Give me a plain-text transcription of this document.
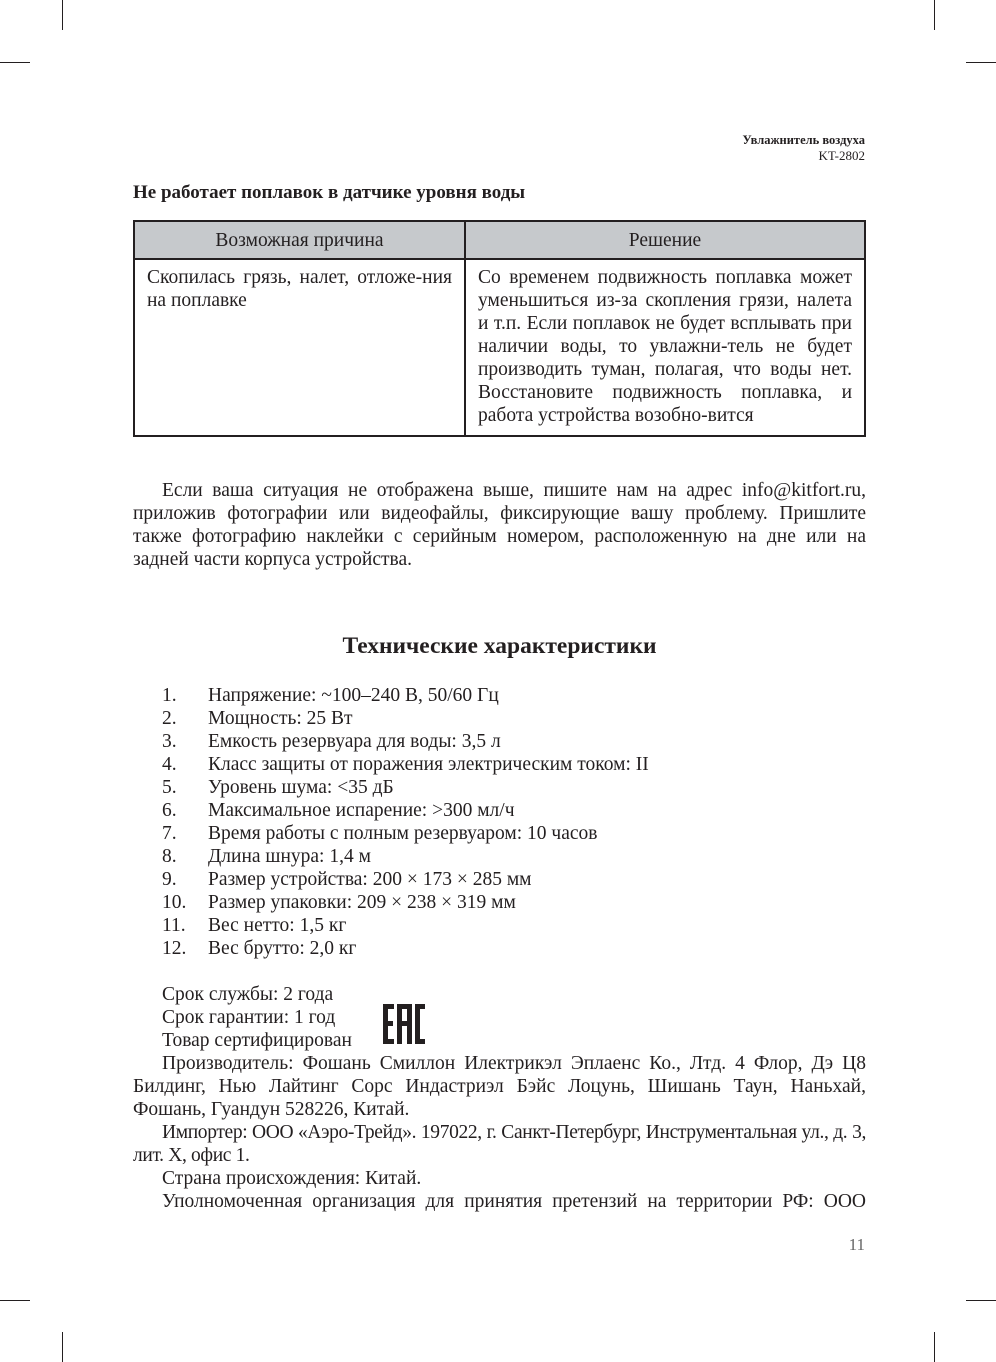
Увлажнитель воздуха
KT-2802
Не работает поплавок в датчике уровня воды
Возможная причина	Решение
Скопилась грязь, налет, отложе-ния на поплавке	Со временем подвижность поплавка может уменьшиться из-за скопления грязи, налета и т.п. Если поплавок не будет всплывать при наличии воды, то увлажни-тель не будет производить туман, полагая, что воды нет. Восстановите подвижность поплавка, и работа устройства возобно-вится

Если ваша ситуация не отображена выше, пишите нам на адрес info@kitfort.ru, приложив фотографии или видеофайлы, фиксирующие вашу проблему. Пришлите также фотографию наклейки с серийным номером, расположенную на дне или на задней части корпуса устройства.

Технические характеристики
1.	Напряжение: ~100–240 В, 50/60 Гц
2.	Мощность: 25 Вт
3.	Емкость резервуара для воды: 3,5 л
4.	Класс защиты от поражения электрическим током: II
5.	Уровень шума: <35 дБ
6.	Максимальное испарение: >300 мл/ч
7.	Время работы с полным резервуаром: 10 часов
8.	Длина шнура: 1,4 м
9.	Размер устройства: 200 × 173 × 285 мм
10.	Размер упаковки: 209 × 238 × 319 мм
11.	Вес нетто: 1,5 кг
12.	Вес брутто: 2,0 кг
Срок службы: 2 года
Срок гарантии: 1 год
Товар сертифицирован

Производитель: Фошань Смиллон Илектрикэл Эплаенс Ко., Лтд. 4 Флор, Дэ Ц8 Билдинг, Нью Лайтинг Сорс Индастриэл Бэйс Лоцунь, Шишань Таун, Наньхай, Фошань, Гуандун 528226, Китай.

Импортер: ООО «Аэро-Трейд». 197022, г. Санкт-Петербург, Инструментальная ул., д. 3, лит. X, офис 1.

Страна происхождения: Китай.

Уполномоченная организация для принятия претензий на территории РФ: ООО

11
